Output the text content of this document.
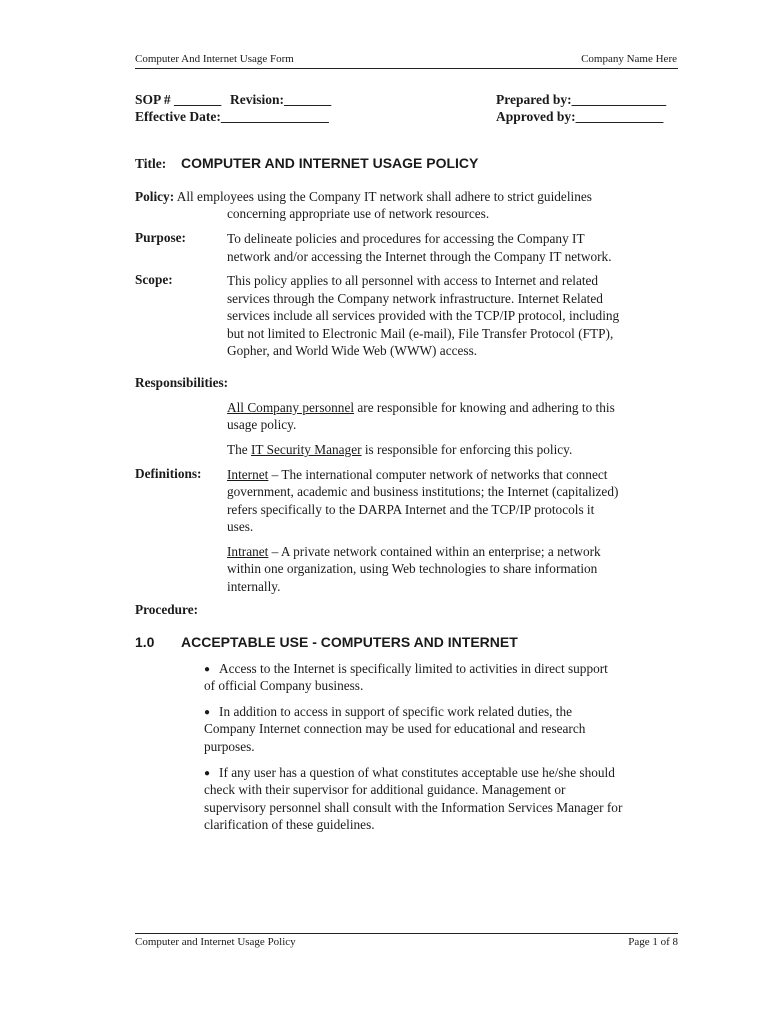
Computer And Internet Usage Form	Company Name Here
SOP # _______ Revision:_______	Prepared by:______________
Effective Date:________________	Approved by:_____________
Title: COMPUTER AND INTERNET USAGE POLICY
Policy: All employees using the Company IT network shall adhere to strict guidelines
concerning appropriate use of network resources.
Purpose:	To delineate policies and procedures for accessing the Company IT
network and/or accessing the Internet through the Company IT network.
Scope:	This policy applies to all personnel with access to Internet and related
services through the Company network infrastructure. Internet Related
services include all services provided with the TCP/IP protocol, including
but not limited to Electronic Mail (e-mail), File Transfer Protocol (FTP),
Gopher, and World Wide Web (WWW) access.
Responsibilities:
All Company personnel are responsible for knowing and adhering to this
usage policy.
The IT Security Manager is responsible for enforcing this policy.
Definitions: Internet – The international computer network of networks that connect
government, academic and business institutions; the Internet (capitalized)
refers specifically to the DARPA Internet and the TCP/IP protocols it
uses.
Intranet – A private network contained within an enterprise; a network
within one organization, using Web technologies to share information
internally.
Procedure:
1.0 ACCEPTABLE USE - COMPUTERS AND INTERNET
● Access to the Internet is specifically limited to activities in direct support
of official Company business.
● In addition to access in support of specific work related duties, the
Company Internet connection may be used for educational and research
purposes.
● If any user has a question of what constitutes acceptable use he/she should
check with their supervisor for additional guidance. Management or
supervisory personnel shall consult with the Information Services Manager for
clarification of these guidelines.
Computer and Internet Usage Policy	Page 1 of 8
